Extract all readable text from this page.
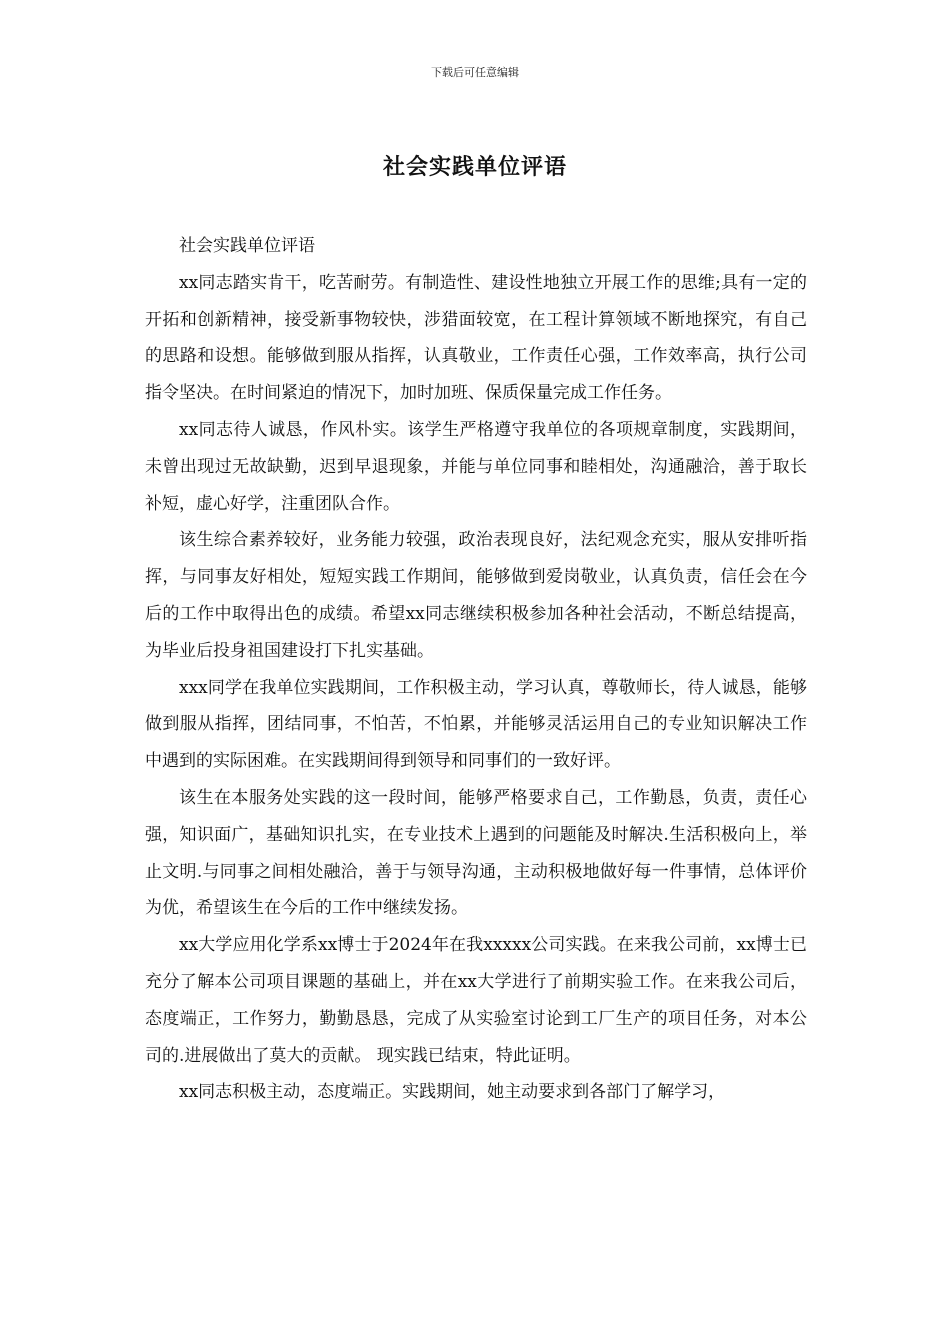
下载后可任意编辑
社会实践单位评语

社会实践单位评语

xx同志踏实肯干，吃苦耐劳。有制造性、建设性地独立开展工作的思维;具有一定的开拓和创新精神，接受新事物较快，涉猎面较宽，在工程计算领域不断地探究，有自己的思路和设想。能够做到服从指挥，认真敬业，工作责任心强，工作效率高，执行公司指令坚决。在时间紧迫的情况下，加时加班、保质保量完成工作任务。

xx同志待人诚恳，作风朴实。该学生严格遵守我单位的各项规章制度，实践期间，未曾出现过无故缺勤，迟到早退现象，并能与单位同事和睦相处，沟通融洽，善于取长补短，虚心好学，注重团队合作。

该生综合素养较好，业务能力较强，政治表现良好，法纪观念充实，服从安排听指挥，与同事友好相处，短短实践工作期间，能够做到爱岗敬业，认真负责，信任会在今后的工作中取得出色的成绩。希望xx同志继续积极参加各种社会活动，不断总结提高，为毕业后投身祖国建设打下扎实基础。

xxx同学在我单位实践期间，工作积极主动，学习认真，尊敬师长，待人诚恳，能够做到服从指挥，团结同事，不怕苦，不怕累，并能够灵活运用自己的专业知识解决工作中遇到的实际困难。在实践期间得到领导和同事们的一致好评。

该生在本服务处实践的这一段时间，能够严格要求自己，工作勤恳，负责，责任心强，知识面广，基础知识扎实，在专业技术上遇到的问题能及时解决.生活积极向上，举止文明.与同事之间相处融洽，善于与领导沟通，主动积极地做好每一件事情，总体评价为优，希望该生在今后的工作中继续发扬。

xx大学应用化学系xx博士于2024年在我xxxxx公司实践。在来我公司前，xx博士已充分了解本公司项目课题的基础上，并在xx大学进行了前期实验工作。在来我公司后，态度端正，工作努力，勤勤恳恳，完成了从实验室讨论到工厂生产的项目任务，对本公司的.进展做出了莫大的贡献。 现实践已结束，特此证明。

xx同志积极主动，态度端正。实践期间，她主动要求到各部门了解学习，
